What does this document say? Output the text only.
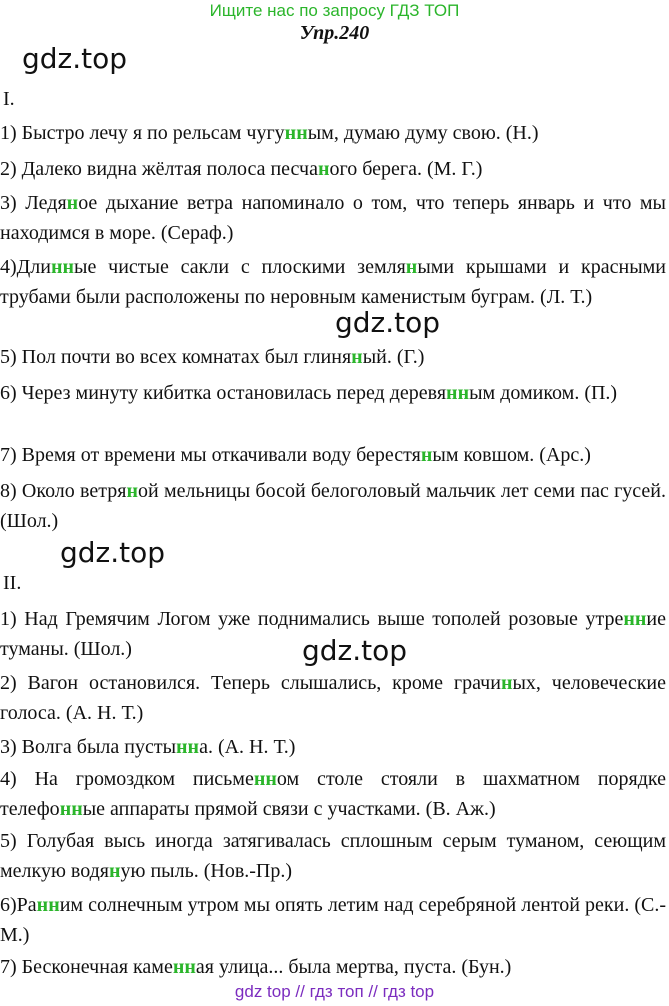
Ищите нас по запросу ГДЗ ТОП
Упр.240
gdz.top
gdz.top
gdz.top
gdz.top
I.
1) Быстро лечу я по рельсам чугунным, думаю думу свою. (Н.)
2) Далеко видна жёлтая полоса песчаного берега. (М. Г.)
3) Ледяное дыхание ветра напоминало о том, что теперь январь и что мы находимся в море. (Сераф.)
4)Длинные чистые сакли с плоскими земляными крышами и красными трубами были расположены по неровным каменистым буграм. (Л. Т.)
5) Пол почти во всех комнатах был глиняный. (Г.)
6) Через минуту кибитка остановилась перед деревянным домиком. (П.)
7) Время от времени мы откачивали воду берестяным ковшом. (Арс.)
8) Около ветряной мельницы босой белоголовый мальчик лет семи пас гусей. (Шол.)
II.
1) Над Гремячим Логом уже поднимались выше тополей розовые утренние туманы. (Шол.)
2) Вагон остановился. Теперь слышались, кроме грачиных, человеческие голоса. (А. Н. Т.)
3) Волга была пустынна. (А. Н. Т.)
4) На громоздком письменном столе стояли в шахматном порядке телефонные аппараты прямой связи с участками. (В. Аж.)
5) Голубая высь иногда затягивалась сплошным серым туманом, сеющим мелкую водяную пыль. (Нов.-Пр.)
6)Ранним солнечным утром мы опять летим над серебряной лентой реки. (С.-М.)
7) Бесконечная каменная улица... была мертва, пуста. (Бун.)
gdz top // гдз топ // гдз top
